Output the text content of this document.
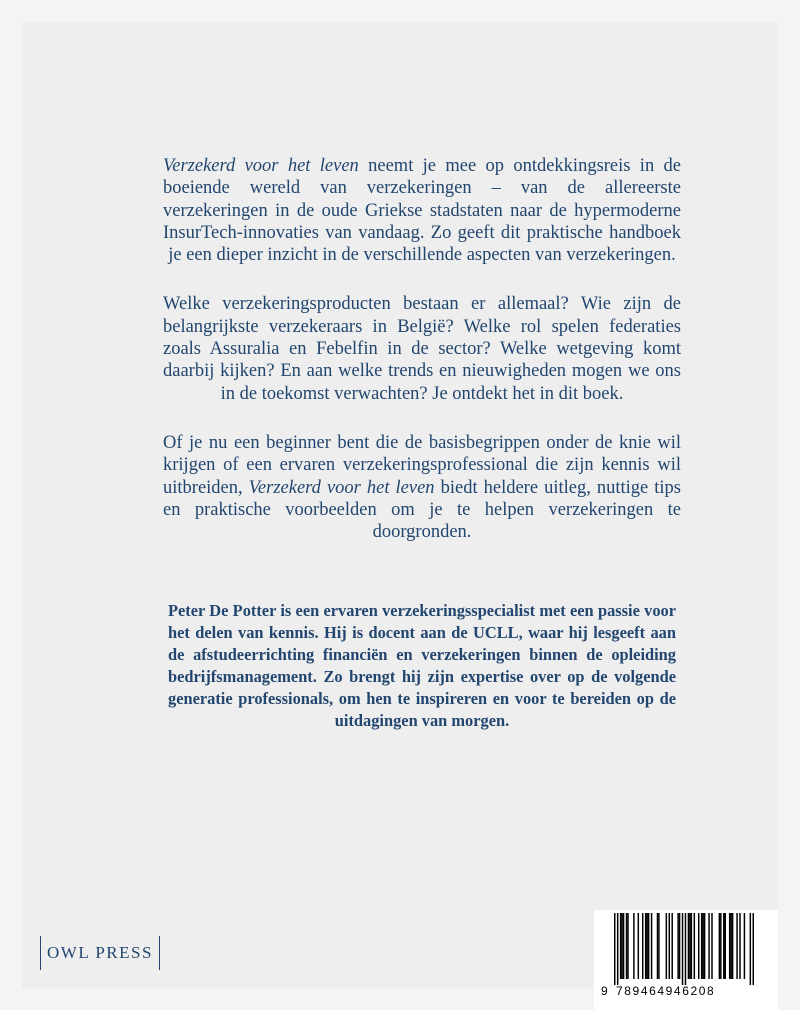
Verzekerd voor het leven neemt je mee op ontdekkingsreis in de boeiende wereld van verzekeringen – van de allereerste verzekeringen in de oude Griekse stadstaten naar de hypermoderne InsurTech-innovaties van vandaag. Zo geeft dit praktische handboek je een dieper inzicht in de verschillende aspecten van verzekeringen.

Welke verzekeringsproducten bestaan er allemaal? Wie zijn de belangrijkste verzekeraars in België? Welke rol spelen federaties zoals Assuralia en Febelfin in de sector? Welke wetgeving komt daarbij kijken? En aan welke trends en nieuwigheden mogen we ons in de toekomst verwachten? Je ontdekt het in dit boek.

Of je nu een beginner bent die de basisbegrippen onder de knie wil krijgen of een ervaren verzekeringsprofessional die zijn kennis wil uitbreiden, Verzekerd voor het leven biedt heldere uitleg, nuttige tips en praktische voorbeelden om je te helpen verzekeringen te doorgronden.

Peter De Potter is een ervaren verzekeringsspecialist met een passie voor het delen van kennis. Hij is docent aan de UCLL, waar hij lesgeeft aan de afstudeerrichting financiën en verzekeringen binnen de opleiding bedrijfsmanagement. Zo brengt hij zijn expertise over op de volgende generatie professionals, om hen te inspireren en voor te bereiden op de uitdagingen van morgen.
OWL PRESS
9 789464946208
